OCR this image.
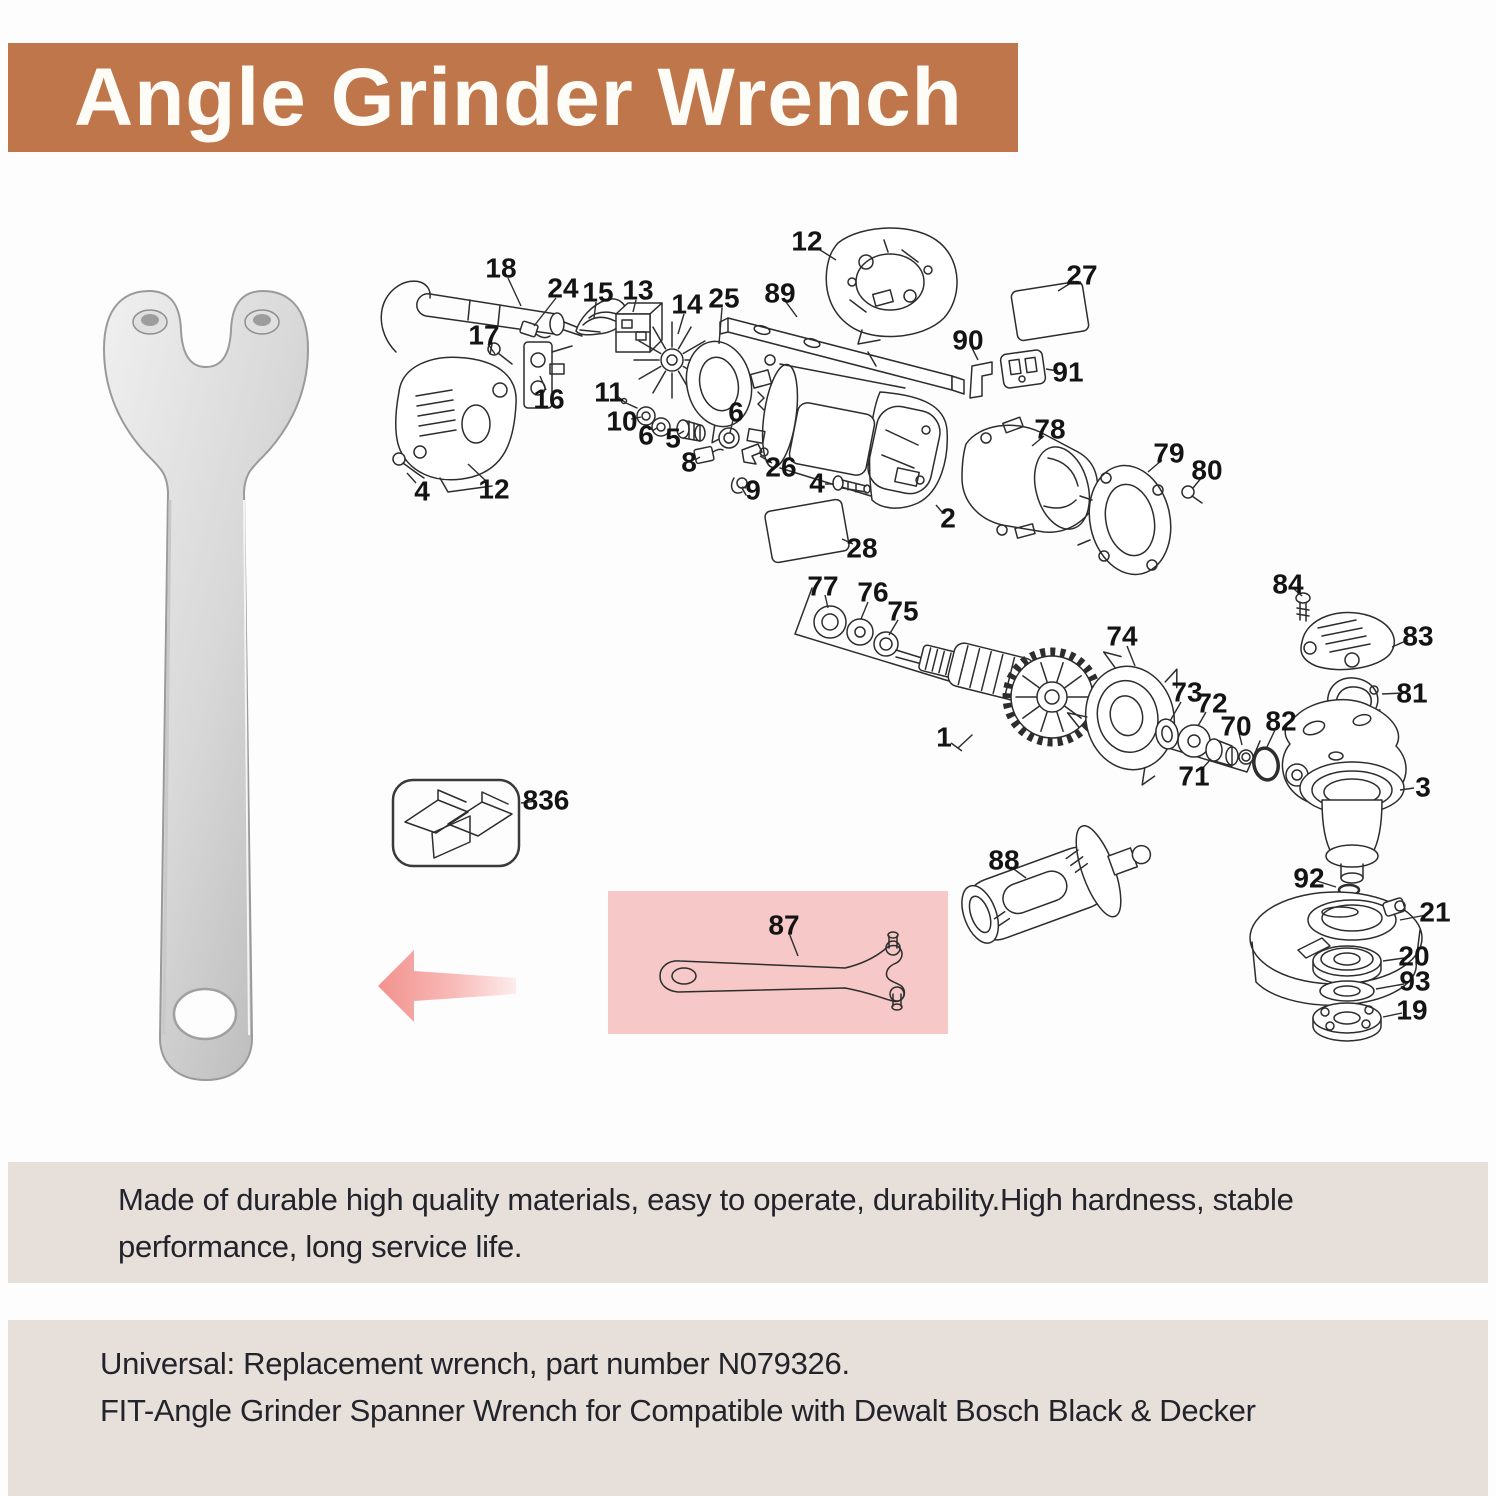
Angle Grinder Wrench
18
24 15 13 14 25
17
16
12
4
11
10 6 5
6
8 26
9
12
89
27
90
91
2
4
28
78
79
80
77 76
75
74
1
73
72
70 82
71
84
83
81
3
92
21
20
93
19
88
836
87

Made of durable high quality materials, easy to operate, durability.High hardness, stable

performance, long service life.

Universal: Replacement wrench, part number N079326.

FIT-Angle Grinder Spanner Wrench for Compatible with Dewalt Bosch Black & Decker
